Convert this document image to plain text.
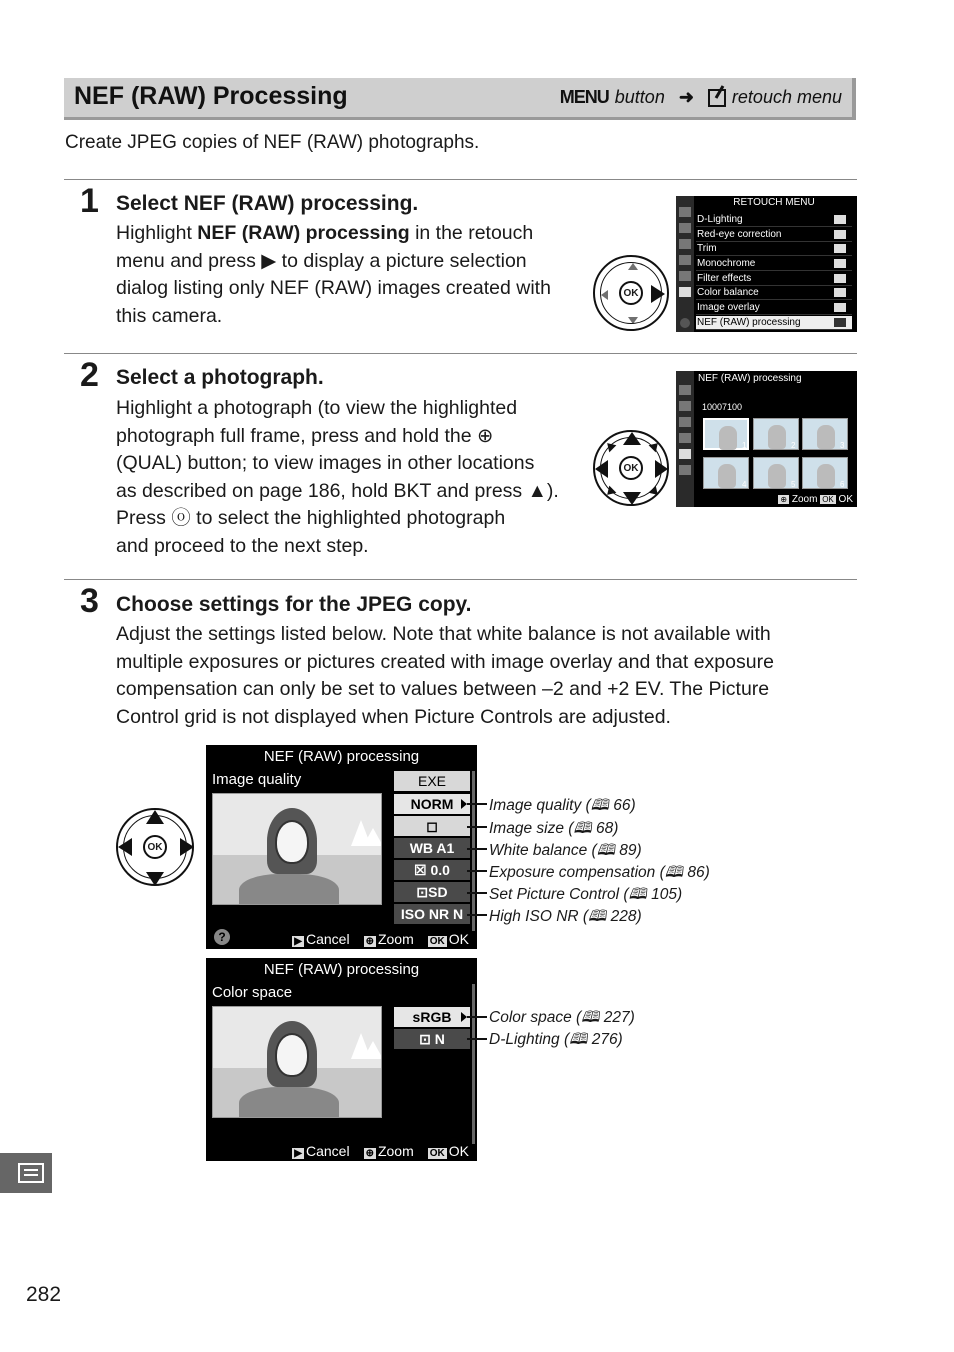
NEF (RAW) Processing	MENU button ➜ retouch menu
Create JPEG copies of NEF (RAW) photographs.
1 Select NEF (RAW) processing.
Highlight NEF (RAW) processing in the retouch
menu and press ▶ to display a picture selection
dialog listing only NEF (RAW) images created with
this camera.
OK
RETOUCH MENU
D-Lighting
Red-eye correction
Trim
Monochrome
Filter effects
Color balance
Image overlay
NEF (RAW) processing
2 Select a photograph.
Highlight a photograph (to view the highlighted
photograph full frame, press and hold the ⊕
(QUAL) button; to view images in other locations
as described on page 186, hold BKT and press ▲).
Press ⓞ to select the highlighted photograph
and proceed to the next step.
OK
NEF (RAW) processing
10007100
1	2	3
4	5	6
⊕ Zoom OK OK
3 Choose settings for the JPEG copy.
Adjust the settings listed below. Note that white balance is not available with
multiple exposures or pictures created with image overlay and that exposure
compensation can only be set to values between –2 and +2 EV. The Picture
Control grid is not displayed when Picture Controls are adjusted.
OK
NEF (RAW) processing
Image quality	EXE
NORM
◻
WB A1
☒ 0.0
⊡SD
ISO NR N
?	▶ Cancel ⊕ Zoom OK OK
Image quality (🕮 66)
Image size (🕮 68)
White balance (🕮 89)
Exposure compensation (🕮 86)
Set Picture Control (🕮 105)
High ISO NR (🕮 228)
NEF (RAW) processing
Color space
sRGB
⊡ N
▶ Cancel ⊕ Zoom OK OK
Color space (🕮 227)
D-Lighting (🕮 276)
282
